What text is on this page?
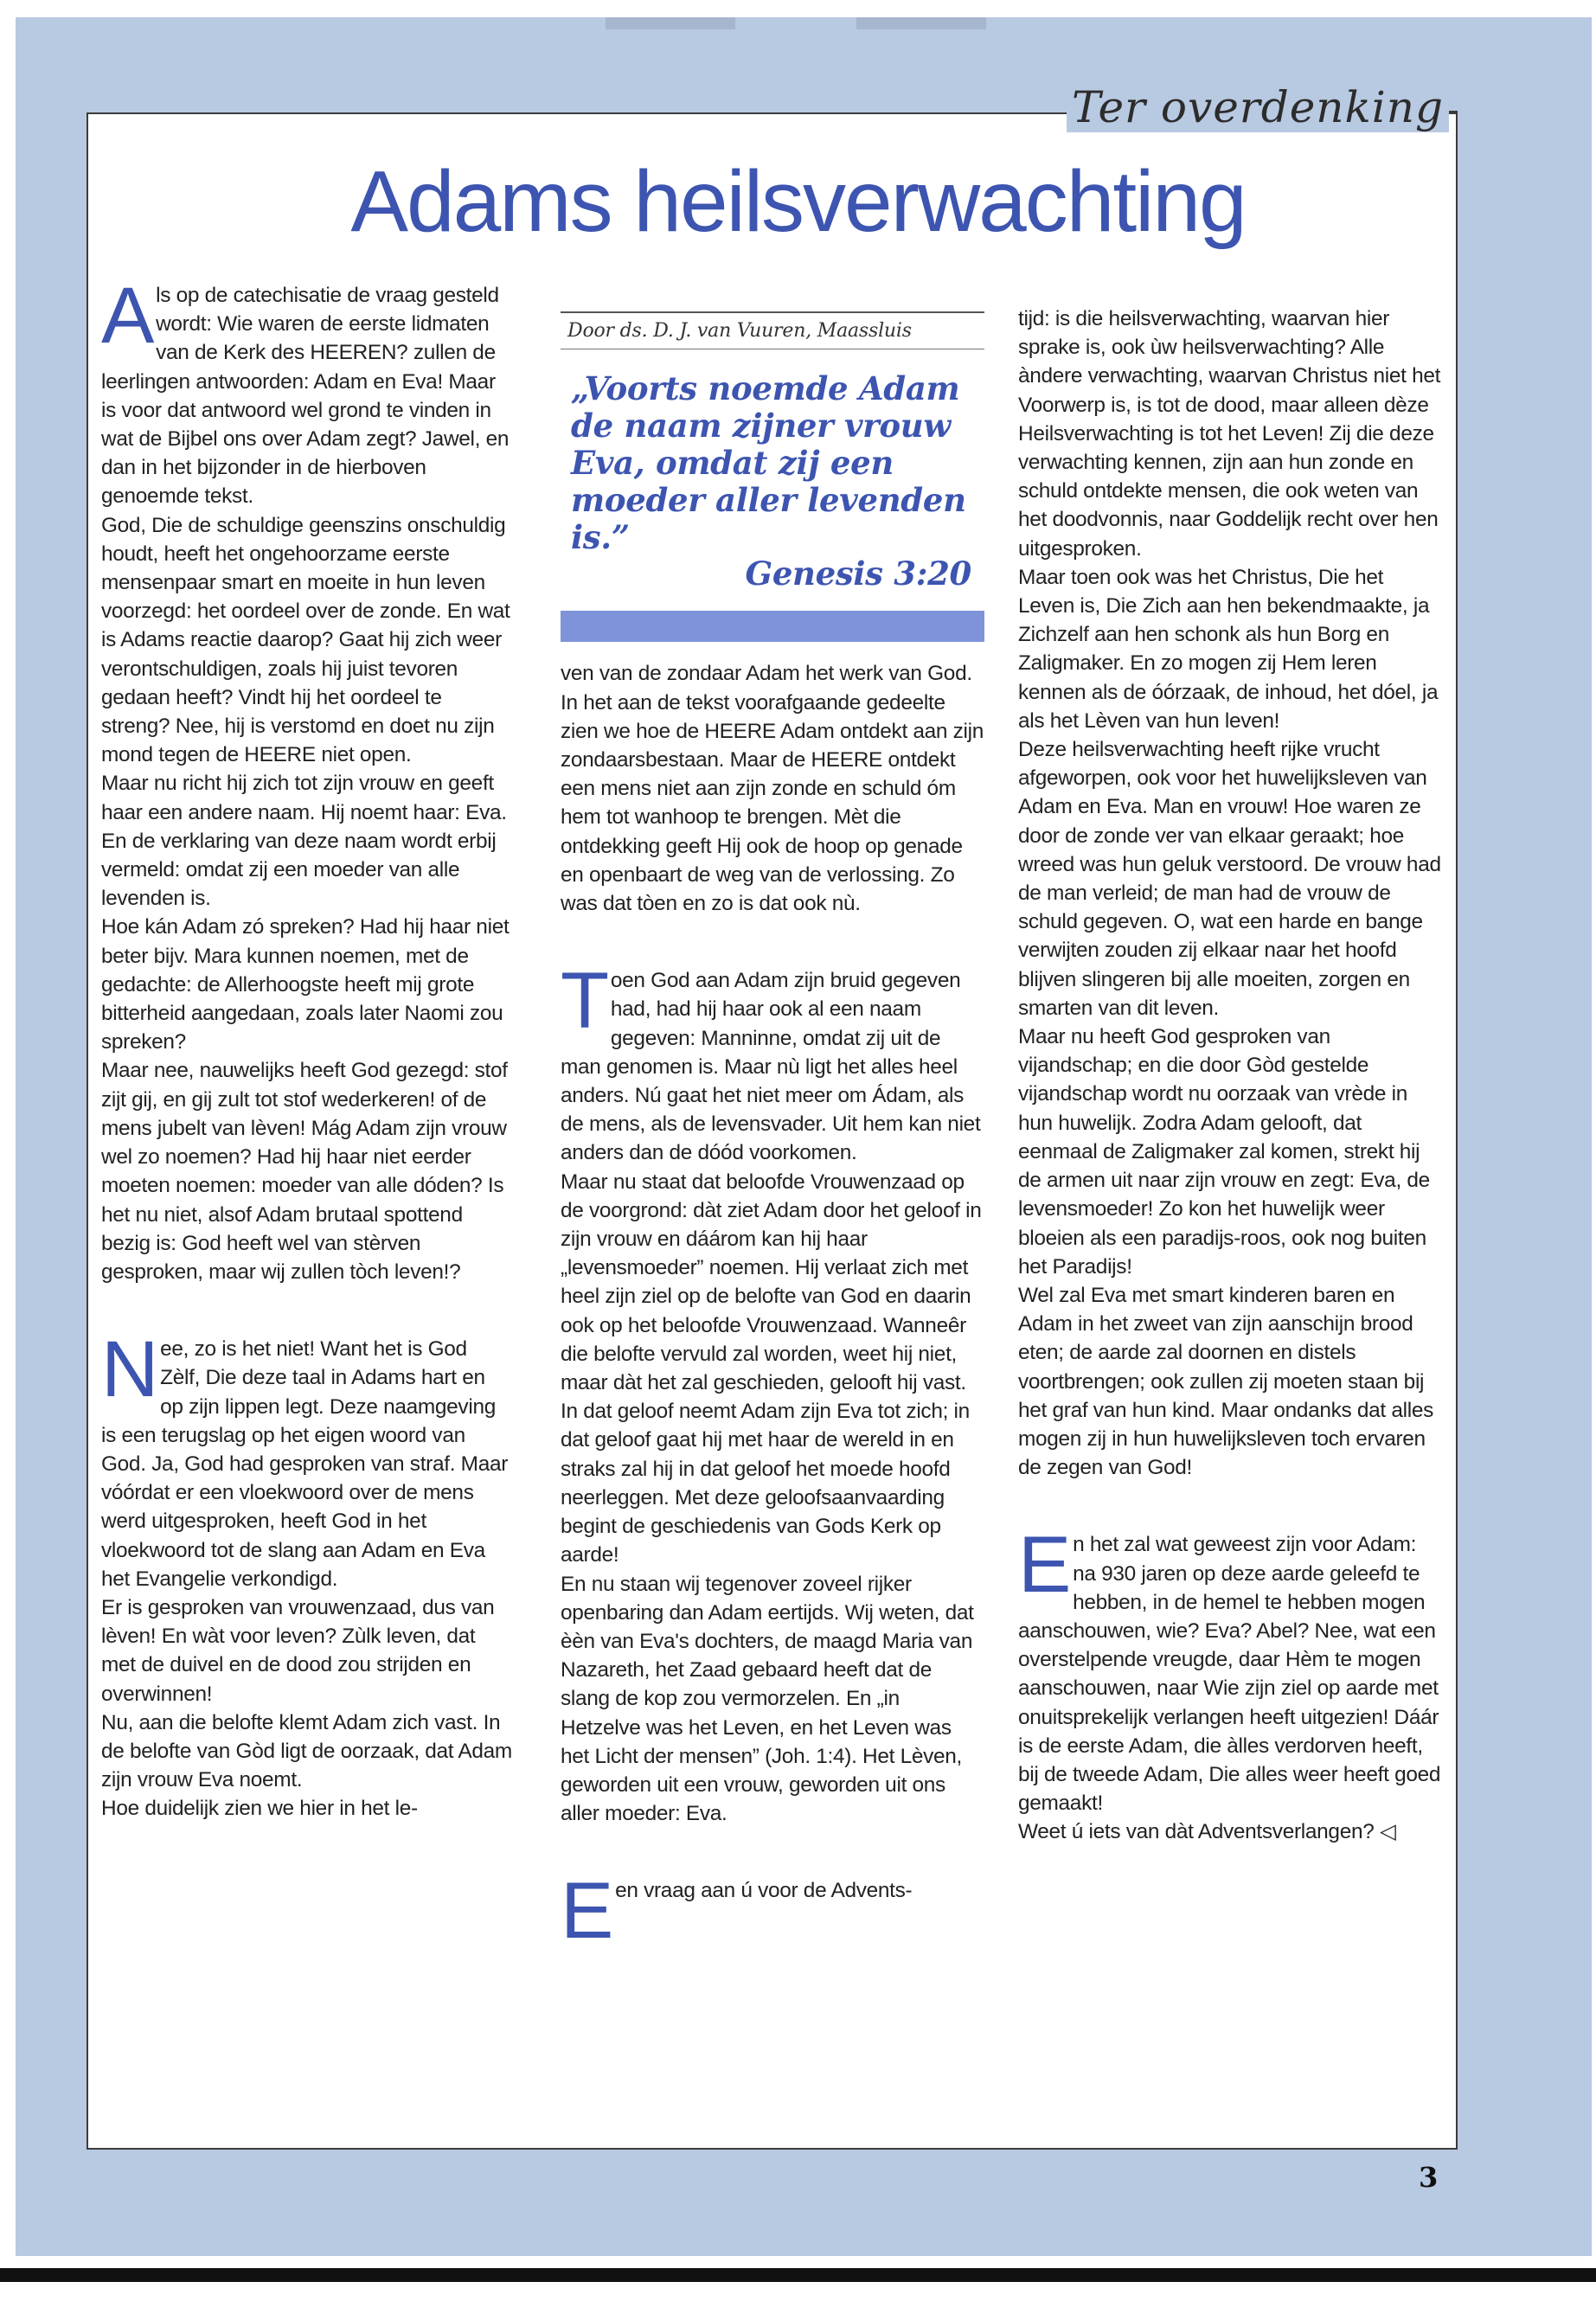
Ter overdenking
Adams heilsverwachting

Als op de catechisatie de vraag gesteld wordt: Wie waren de eerste lidmaten van de Kerk des HEEREN? zullen de leerlingen antwoorden: Adam en Eva! Maar is voor dat antwoord wel grond te vinden in wat de Bijbel ons over Adam zegt? Jawel, en dan in het bijzonder in de hierboven genoemde tekst.

God, Die de schuldige geenszins onschuldig houdt, heeft het ongehoorzame eerste mensenpaar smart en moeite in hun leven voorzegd: het oordeel over de zonde. En wat is Adams reactie daarop? Gaat hij zich weer verontschuldigen, zoals hij juist tevoren gedaan heeft? Vindt hij het oordeel te streng? Nee, hij is verstomd en doet nu zijn mond tegen de HEERE niet open.

Maar nu richt hij zich tot zijn vrouw en geeft haar een andere naam. Hij noemt haar: Eva. En de verklaring van deze naam wordt erbij vermeld: omdat zij een moeder van alle levenden is.

Hoe kán Adam zó spreken? Had hij haar niet beter bijv. Mara kunnen noemen, met de gedachte: de Allerhoogste heeft mij grote bitterheid aangedaan, zoals later Naomi zou spreken?

Maar nee, nauwelijks heeft God gezegd: stof zijt gij, en gij zult tot stof wederkeren! of de mens jubelt van lèven! Mág Adam zijn vrouw wel zo noemen? Had hij haar niet eerder moeten noemen: moeder van alle dóden? Is het nu niet, alsof Adam brutaal spottend bezig is: God heeft wel van stèrven gesproken, maar wij zullen tòch leven!?

Nee, zo is het niet! Want het is God Zèlf, Die deze taal in Adams hart en op zijn lippen legt. Deze naamgeving is een terugslag op het eigen woord van God. Ja, God had gesproken van straf. Maar vóórdat er een vloekwoord over de mens werd uitgesproken, heeft God in het vloekwoord tot de slang aan Adam en Eva het Evangelie verkondigd.

Er is gesproken van vrouwenzaad, dus van lèven! En wàt voor leven? Zùlk leven, dat met de duivel en de dood zou strijden en overwinnen!

Nu, aan die belofte klemt Adam zich vast. In de belofte van Gòd ligt de oorzaak, dat Adam zijn vrouw Eva noemt.

Hoe duidelijk zien we hier in het le-

Door ds. D. J. van Vuuren, Maassluis
„Voorts noemde Adam de naam zijner vrouw Eva, omdat zij een moeder aller levenden is.”
Genesis 3:20

ven van de zondaar Adam het werk van God. In het aan de tekst voorafgaande gedeelte zien we hoe de HEERE Adam ontdekt aan zijn zondaarsbestaan. Maar de HEERE ontdekt een mens niet aan zijn zonde en schuld óm hem tot wanhoop te brengen. Mèt die ontdekking geeft Hij ook de hoop op genade en openbaart de weg van de verlossing. Zo was dat tòen en zo is dat ook nù.

Toen God aan Adam zijn bruid gegeven had, had hij haar ook al een naam gegeven: Manninne, omdat zij uit de man genomen is. Maar nù ligt het alles heel anders. Nú gaat het niet meer om Ádam, als de mens, als de levensvader. Uit hem kan niet anders dan de dóód voorkomen.

Maar nu staat dat beloofde Vrouwenzaad op de voorgrond: dàt ziet Adam door het geloof in zijn vrouw en dáárom kan hij haar „levensmoeder” noemen. Hij verlaat zich met heel zijn ziel op de belofte van God en daarin ook op het beloofde Vrouwenzaad. Wanneêr die belofte vervuld zal worden, weet hij niet, maar dàt het zal geschieden, gelooft hij vast.

In dat geloof neemt Adam zijn Eva tot zich; in dat geloof gaat hij met haar de wereld in en straks zal hij in dat geloof het moede hoofd neerleggen. Met deze geloofsaanvaarding begint de geschiedenis van Gods Kerk op aarde!

En nu staan wij tegenover zoveel rijker openbaring dan Adam eertijds. Wij weten, dat èèn van Eva's dochters, de maagd Maria van Nazareth, het Zaad gebaard heeft dat de slang de kop zou vermorzelen. En „in Hetzelve was het Leven, en het Leven was het Licht der mensen” (Joh. 1:4). Het Lèven, geworden uit een vrouw, geworden uit ons aller moeder: Eva.

Een vraag aan ú voor de Advents-

tijd: is die heilsverwachting, waarvan hier sprake is, ook ùw heilsverwachting? Alle àndere verwachting, waarvan Christus niet het Voorwerp is, is tot de dood, maar alleen dèze Heilsverwachting is tot het Leven! Zij die deze verwachting kennen, zijn aan hun zonde en schuld ontdekte mensen, die ook weten van het doodvonnis, naar Goddelijk recht over hen uitgesproken.

Maar toen ook was het Christus, Die het Leven is, Die Zich aan hen bekendmaakte, ja Zichzelf aan hen schonk als hun Borg en Zaligmaker. En zo mogen zij Hem leren kennen als de óórzaak, de inhoud, het dóel, ja als het Lèven van hun leven!

Deze heilsverwachting heeft rijke vrucht afgeworpen, ook voor het huwelijksleven van Adam en Eva. Man en vrouw! Hoe waren ze door de zonde ver van elkaar geraakt; hoe wreed was hun geluk verstoord. De vrouw had de man verleid; de man had de vrouw de schuld gegeven. O, wat een harde en bange verwijten zouden zij elkaar naar het hoofd blijven slingeren bij alle moeiten, zorgen en smarten van dit leven.

Maar nu heeft God gesproken van vijandschap; en die door Gòd gestelde vijandschap wordt nu oorzaak van vrède in hun huwelijk. Zodra Adam gelooft, dat eenmaal de Zaligmaker zal komen, strekt hij de armen uit naar zijn vrouw en zegt: Eva, de levensmoeder! Zo kon het huwelijk weer bloeien als een paradijs-roos, ook nog buiten het Paradijs!

Wel zal Eva met smart kinderen baren en Adam in het zweet van zijn aanschijn brood eten; de aarde zal doornen en distels voortbrengen; ook zullen zij moeten staan bij het graf van hun kind. Maar ondanks dat alles mogen zij in hun huwelijksleven toch ervaren de zegen van God!

En het zal wat geweest zijn voor Adam: na 930 jaren op deze aarde geleefd te hebben, in de hemel te hebben mogen aanschouwen, wie? Eva? Abel? Nee, wat een overstelpende vreugde, daar Hèm te mogen aanschouwen, naar Wie zijn ziel op aarde met onuitsprekelijk verlangen heeft uitgezien! Dáár is de eerste Adam, die àlles verdorven heeft, bij de tweede Adam, Die alles weer heeft goed gemaakt!

Weet ú iets van dàt Adventsverlangen? ◁

3
